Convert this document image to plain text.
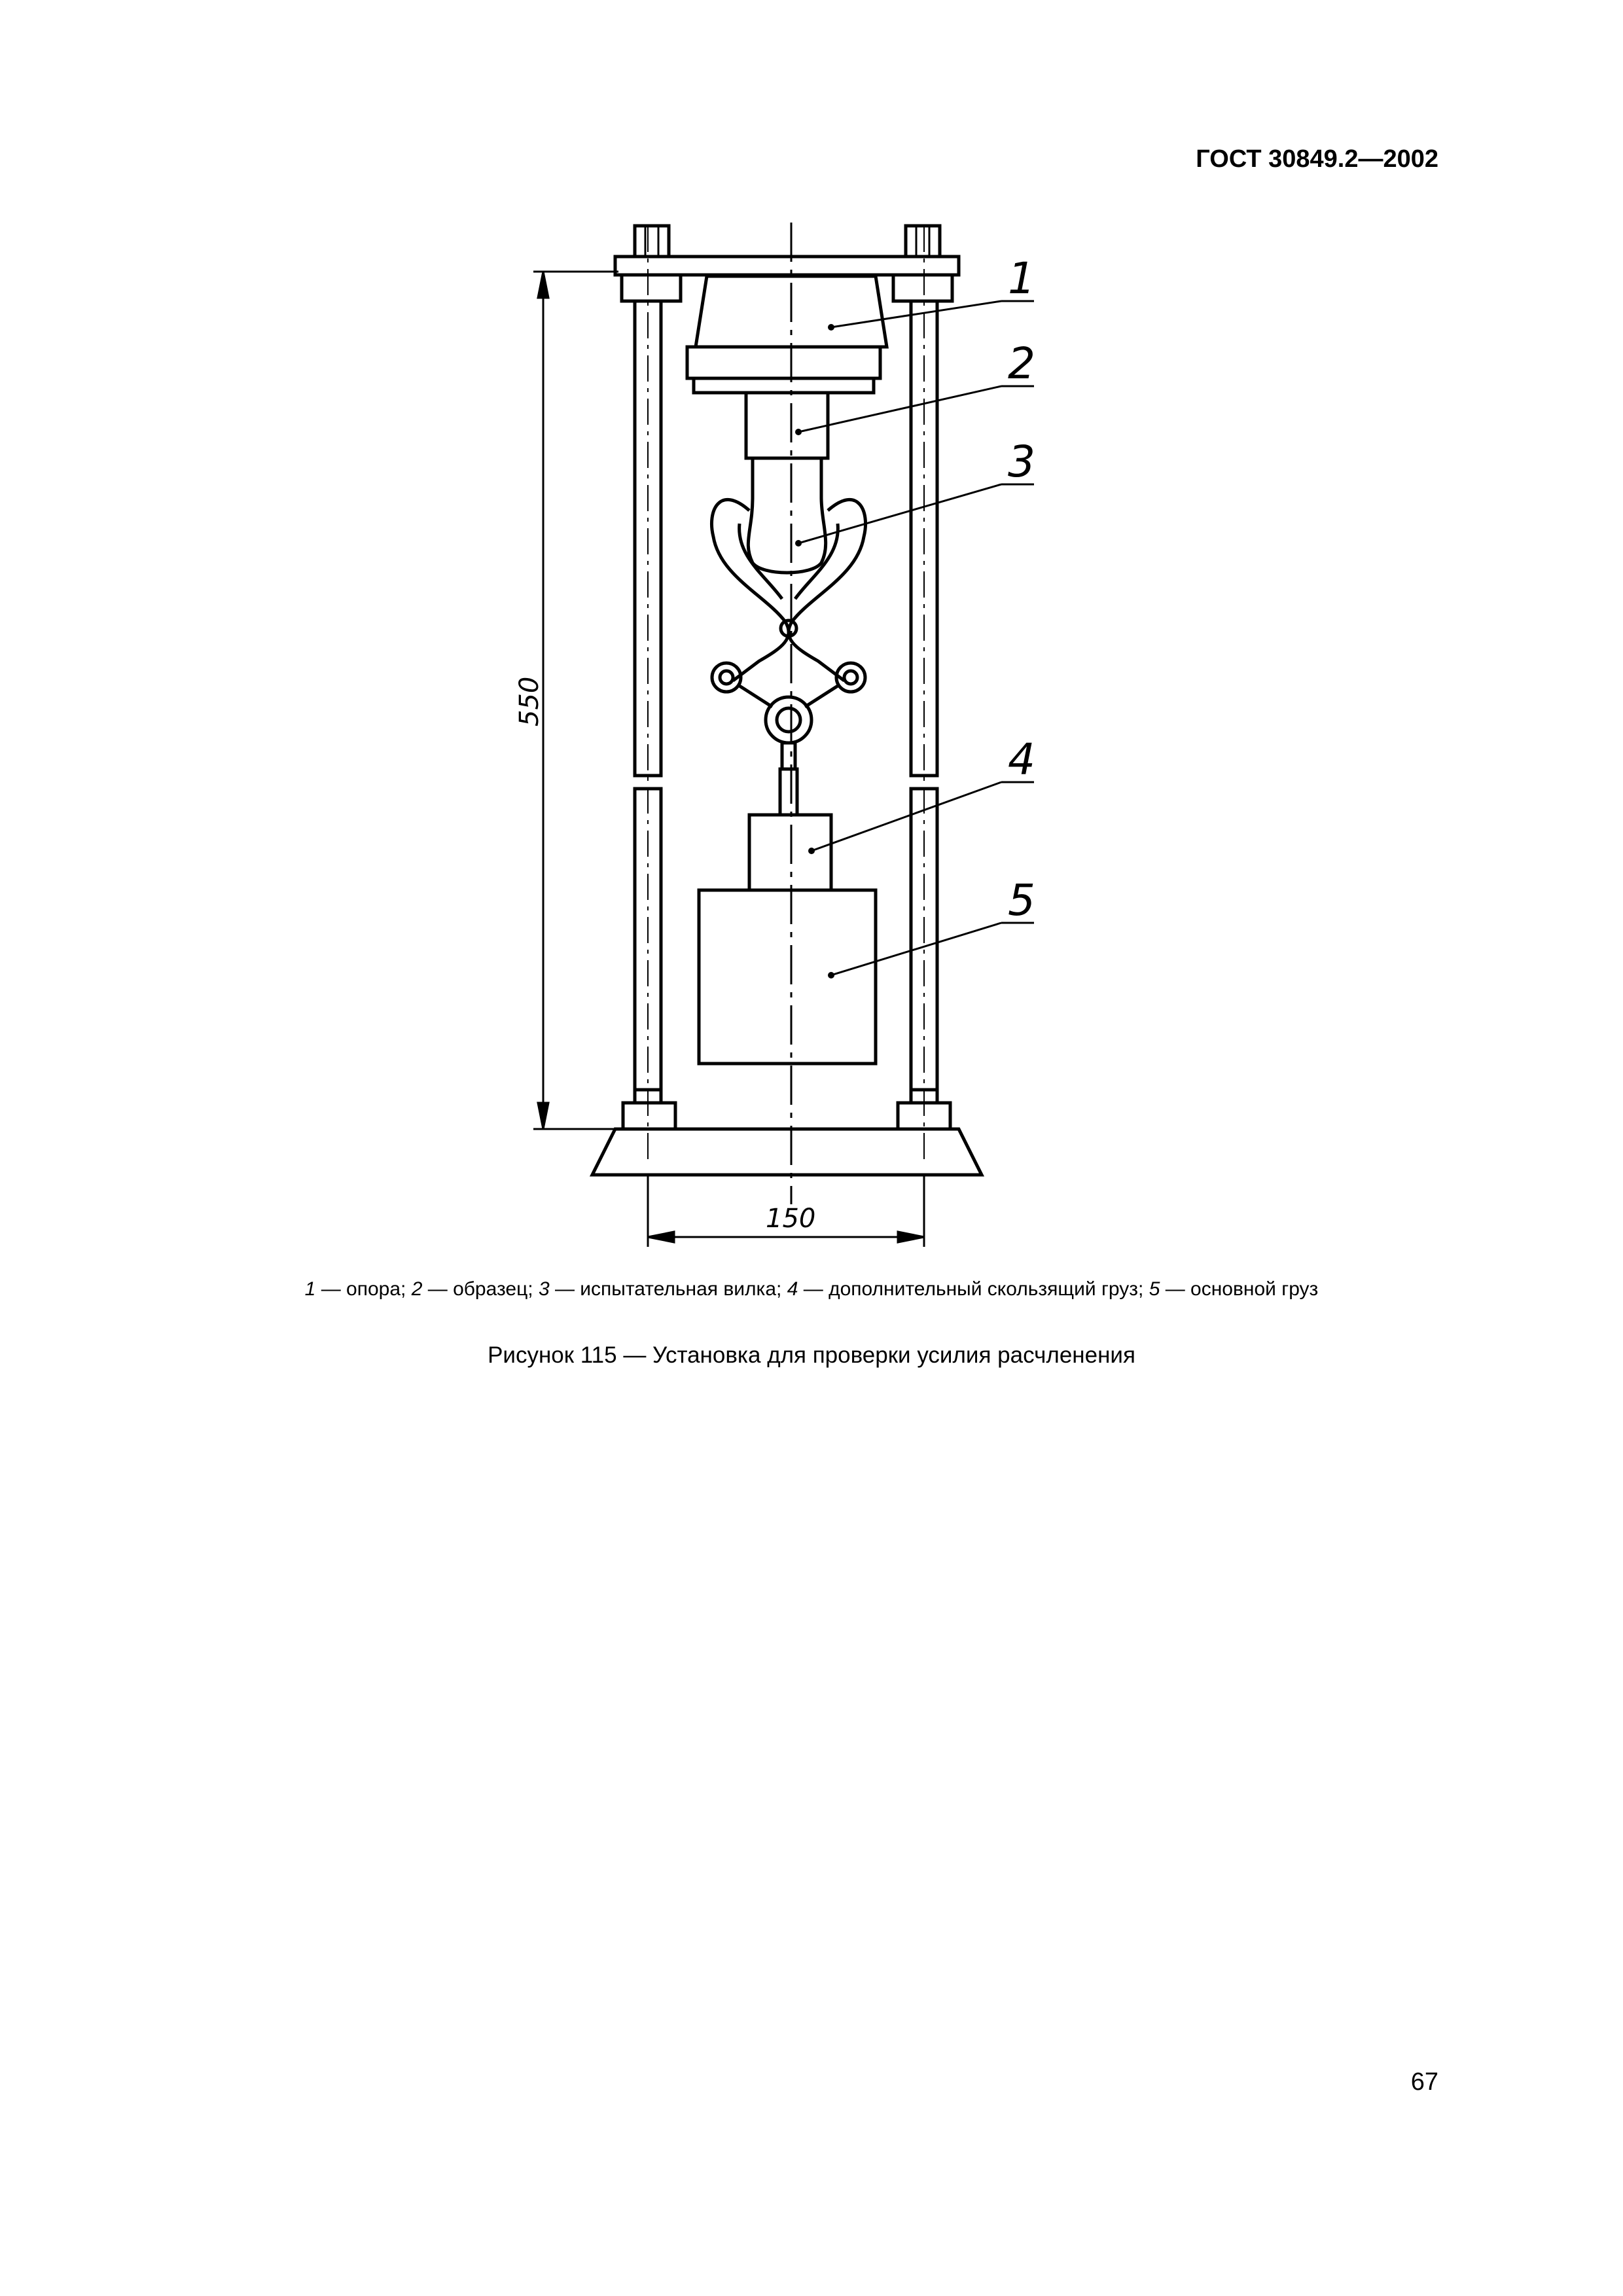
ГОСТ 30849.2—2002
1
2
3
4
5
550
150
1 — опора; 2 — образец; 3 — испытательная вилка; 4 — дополнительный скользящий груз; 5 — основной груз
Рисунок 115 — Установка для проверки усилия расчленения
67
